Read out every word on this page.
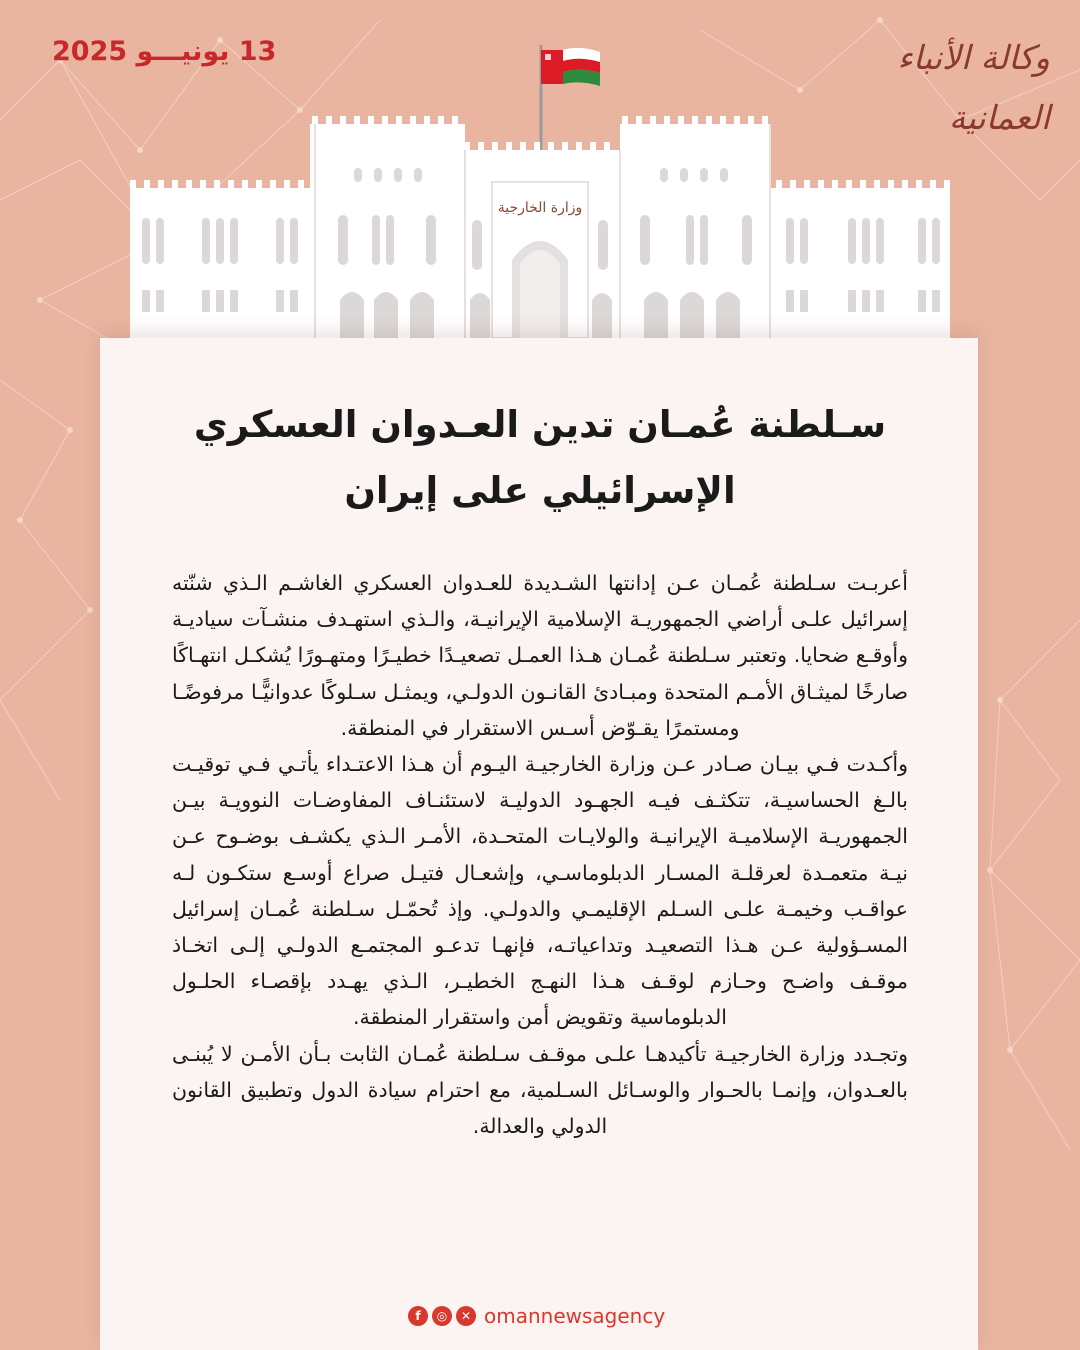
13 يونيـــو 2025	وكالة الأنباء العمانية
وزارة الخارجية
سـلطنة عُمـان تدين العـدوان العسكري
الإسرائيلي على إيران

أعربـت سـلطنة عُمـان عـن إدانتها الشـديدة للعـدوان العسكري الغاشـم الـذي شنّته إسرائيل علـى أراضي الجمهوريـة الإسلامية الإيرانيـة، والـذي استهـدف منشـآت سياديـة وأوقـع ضحايا. وتعتبر سـلطنة عُمـان هـذا العمـل تصعيـدًا خطيـرًا ومتهـورًا يُشكـل انتهـاكًا صارخًا لميثـاق الأمـم المتحدة ومبـادئ القانـون الدولـي، ويمثـل سـلوكًا عدوانيًّـا مرفوضًـا ومستمرًا يقـوّض أسـس الاستقرار في المنطقة.

وأكـدت فـي بيـان صـادر عـن وزارة الخارجيـة اليـوم أن هـذا الاعتـداء يأتـي فـي توقيـت بالـغ الحساسيـة، تتكثـف فيـه الجهـود الدوليـة لاستئنـاف المفاوضـات النوويـة بيـن الجمهوريـة الإسلاميـة الإيرانيـة والولايـات المتحـدة، الأمـر الـذي يكشـف بوضـوح عـن نيـة متعمـدة لعرقلـة المسـار الدبلوماسـي، وإشعـال فتيـل صراع أوسـع ستكـون لـه عواقـب وخيمـة علـى السـلم الإقليمـي والدولـي. وإذ تُحمّـل سـلطنة عُمـان إسرائيل المسـؤولية عـن هـذا التصعيـد وتداعياتـه، فإنهـا تدعـو المجتمـع الدولـي إلـى اتخـاذ موقـف واضـح وحـازم لوقـف هـذا النهـج الخطيـر، الـذي يهـدد بإقصـاء الحلـول الدبلوماسية وتقويض أمن واستقرار المنطقة.

وتجـدد وزارة الخارجيـة تأكيدهـا علـى موقـف سـلطنة عُمـان الثابت بـأن الأمـن لا يُبنـى بالعـدوان، وإنمـا بالحـوار والوسـائل السـلمية، مع احترام سيادة الدول وتطبيق القانون الدولي والعدالة.

f	◎	✕ omannewsagency
